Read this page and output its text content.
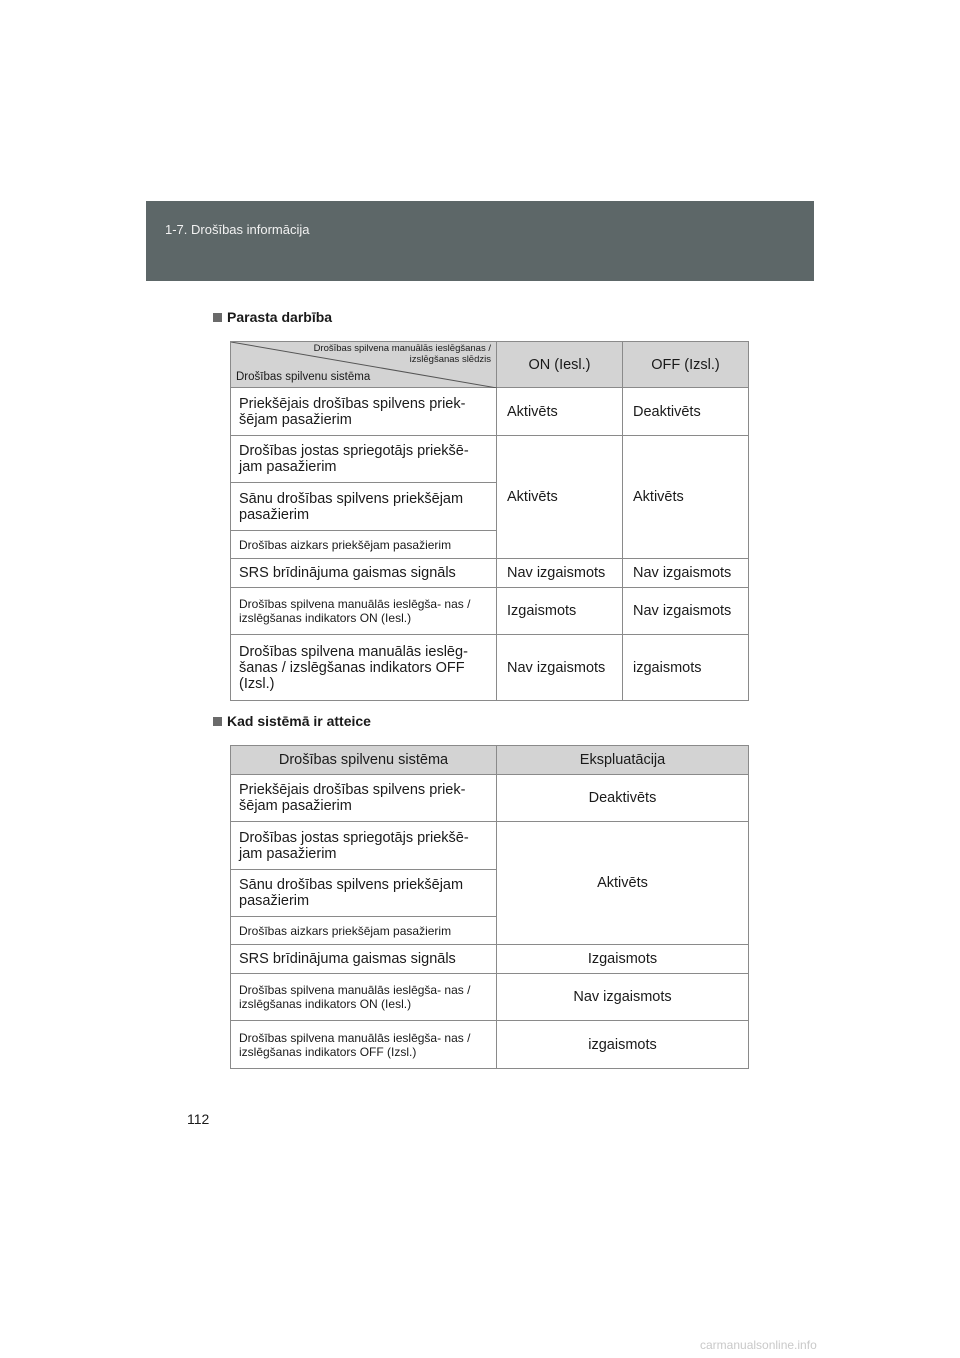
1-7. Drošības informācija
Parasta darbība
Drošības spilvena manuālās ieslēgšanas /
izslēgšanas slēdzis
Drošības spilvenu sistēma	ON (Iesl.)	OFF (Izsl.)
Priekšējais drošības spilvens priek- šējam pasažierim	Aktivēts	Deaktivēts
Drošības jostas spriegotājs priekšē- jam pasažierim	Aktivēts	Aktivēts
Sānu drošības spilvens priekšējam pasažierim		
Drošības aizkars priekšējam pasažierim		
SRS brīdinājuma gaismas signāls	Nav izgaismots	Nav izgaismots
Drošības spilvena manuālās ieslēgša- nas / izslēgšanas indikators ON (Iesl.)	Izgaismots	Nav izgaismots
Drošības spilvena manuālās ieslēg- šanas / izslēgšanas indikators OFF (Izsl.)	Nav izgaismots	izgaismots
Kad sistēmā ir atteice
Drošības spilvenu sistēma	Ekspluatācija
Priekšējais drošības spilvens priek- šējam pasažierim	Deaktivēts
Drošības jostas spriegotājs priekšē- jam pasažierim	Aktivēts
Sānu drošības spilvens priekšējam pasažierim	
Drošības aizkars priekšējam pasažierim	
SRS brīdinājuma gaismas signāls	Izgaismots
Drošības spilvena manuālās ieslēgša- nas / izslēgšanas indikators ON (Iesl.)	Nav izgaismots
Drošības spilvena manuālās ieslēgša- nas / izslēgšanas indikators OFF (Izsl.)	izgaismots
112
carmanualsonline.info
